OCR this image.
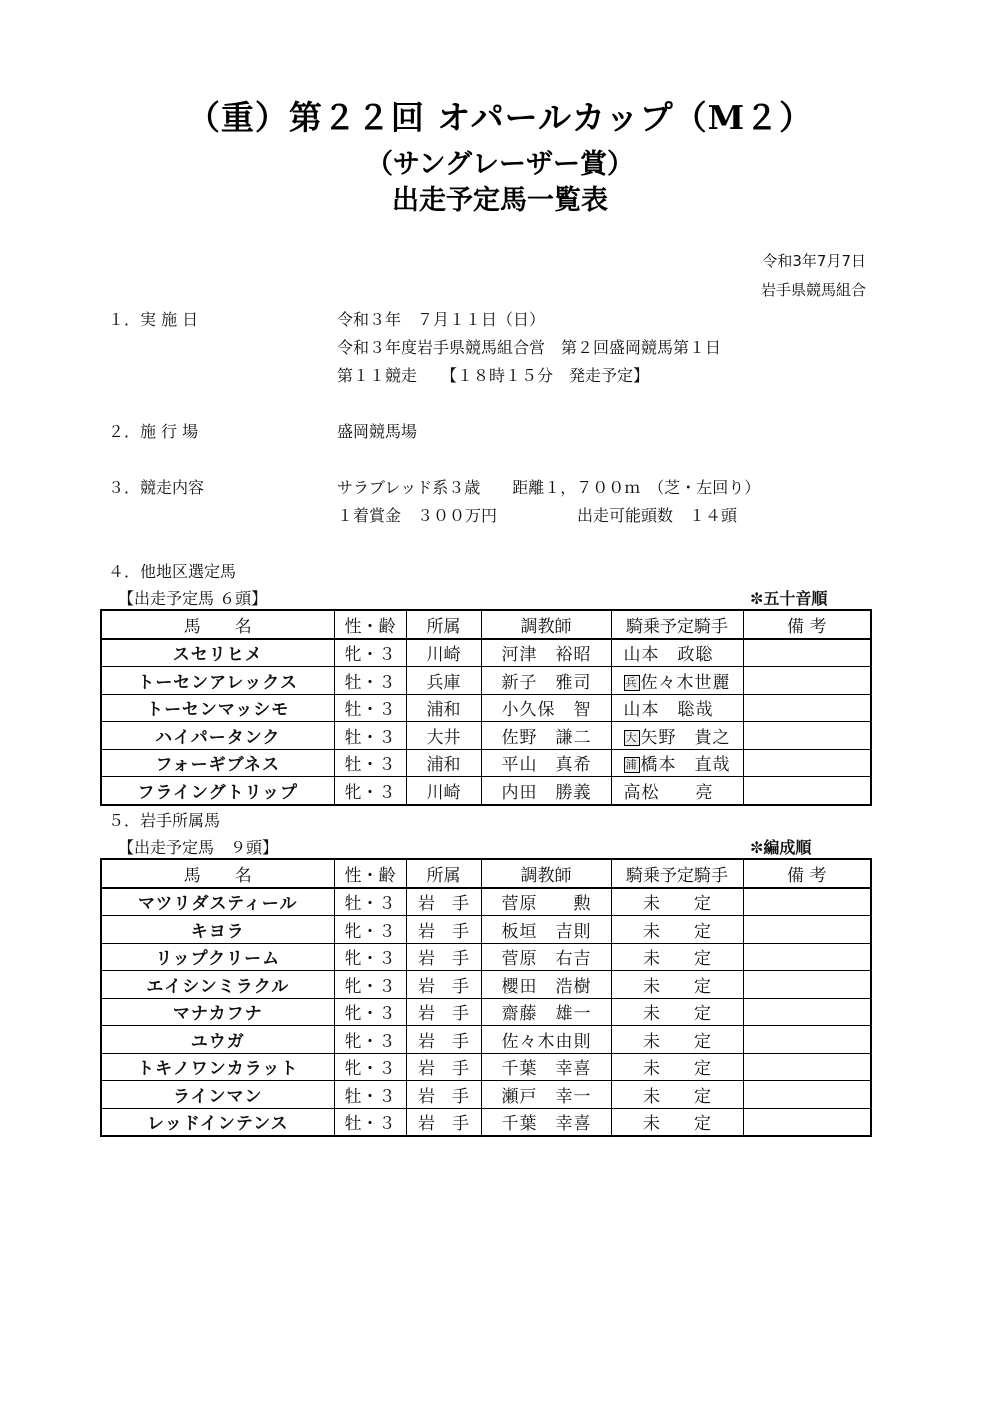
（重）第２２回 オパールカップ（M２）
（サングレーザー賞）
出走予定馬一覧表
令和3年7月7日
岩手県競馬組合
１．実 施 日	令和３年　７月１１日（日）
令和３年度岩手県競馬組合営　第２回盛岡競馬第１日
第１１競走　　【１８時１５分　発走予定】
２．施 行 場	盛岡競馬場
３．競走内容	サラブレッド系３歳　　距離１，７００ｍ　（芝・左回り）
１着賞金　３００万円　　　　　出走可能頭数　１４頭
４．他地区選定馬
【出走予定馬 ６頭】	✼五十音順
馬　　名	性・齢	所属	調教師	騎乗予定騎手	備 考
スセリヒメ	牝・３	川崎	河津　裕昭	山本　政聡	
トーセンアレックス	牡・３	兵庫	新子　雅司	兵 佐々木世麗	
トーセンマッシモ	牡・３	浦和	小久保　智	山本　聡哉	
ハイパータンク	牡・３	大井	佐野　謙二	大 矢野　貴之	
フォーギブネス	牡・３	浦和	平山　真希	浦 橋本　直哉	
フライングトリップ	牝・３	川崎	内田　勝義	高松　　亮	
５．岩手所属馬
【出走予定馬　９頭】	✼編成順
馬　　名	性・齢	所属	調教師	騎乗予定騎手	備 考
マツリダスティール	牡・３	岩　手	菅原　　勲	未　　定	
キヨラ	牝・３	岩　手	板垣　吉則	未　　定	
リップクリーム	牝・３	岩　手	菅原　右吉	未　　定	
エイシンミラクル	牝・３	岩　手	櫻田　浩樹	未　　定	
マナカフナ	牝・３	岩　手	齋藤　雄一	未　　定	
ユウガ	牝・３	岩　手	佐々木由則	未　　定	
トキノワンカラット	牝・３	岩　手	千葉　幸喜	未　　定	
ラインマン	牡・３	岩　手	瀬戸　幸一	未　　定	
レッドインテンス	牡・３	岩　手	千葉　幸喜	未　　定	
